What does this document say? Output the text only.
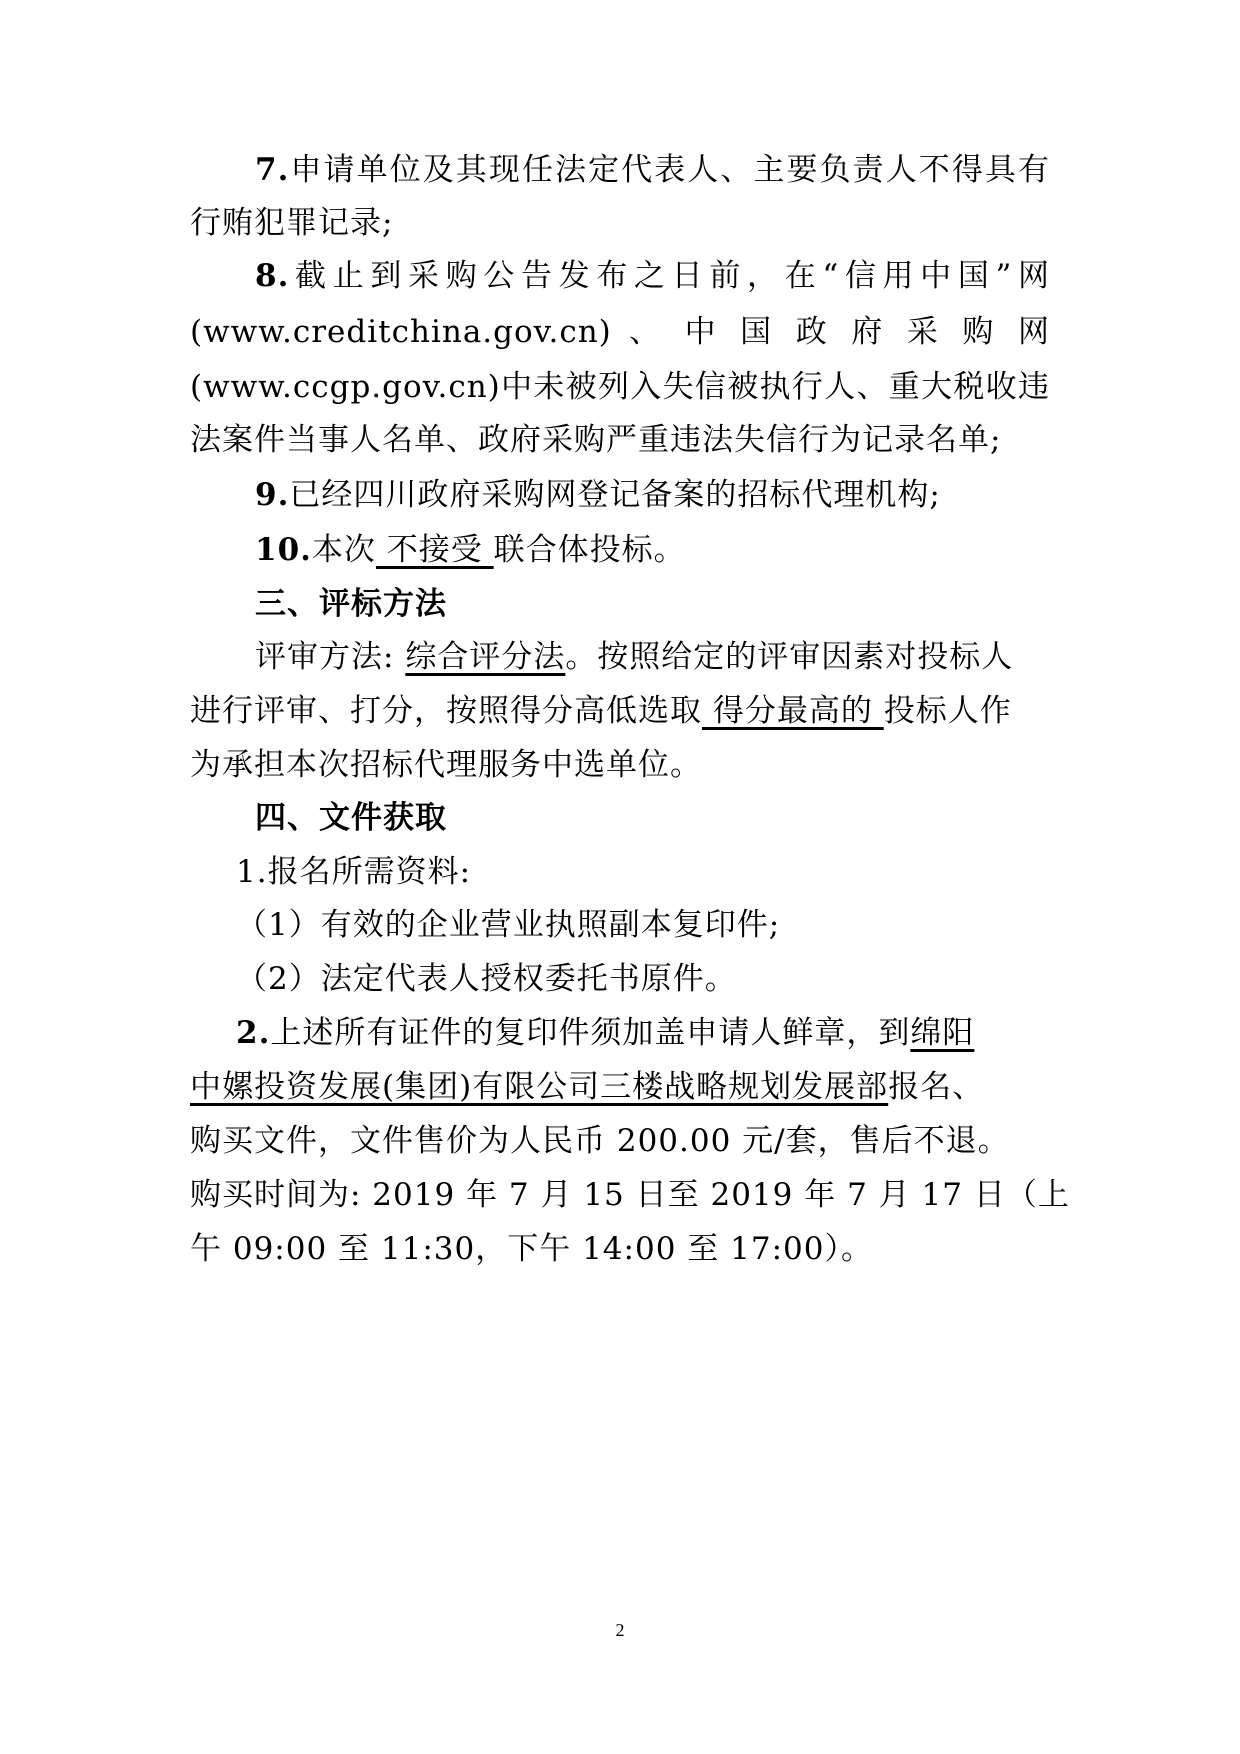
7.申请单位及其现任法定代表人、主要负责人不得具有
行贿犯罪记录;
8.截止到采购公告发布之日前，在“信用中国”网
(www.creditchina.gov.cn) 、 中 国 政 府 采 购 网
(www.ccgp.gov.cn)中未被列入失信被执行人、重大税收违
法案件当事人名单、政府采购严重违法失信行为记录名单;
9.已经四川政府采购网登记备案的招标代理机构;
10.本次 不接受 联合体投标。
三、评标方法
评审方法: 综合评分法。按照给定的评审因素对投标人
进行评审、打分，按照得分高低选取 得分最高的 投标人作
为承担本次招标代理服务中选单位。
四、文件获取
1.报名所需资料:
（1）有效的企业营业执照副本复印件;
（2）法定代表人授权委托书原件。
2.上述所有证件的复印件须加盖申请人鲜章，到绵阳
中嫘投资发展(集团)有限公司三楼战略规划发展部报名、
购买文件，文件售价为人民币 200.00 元/套，售后不退。
购买时间为: 2019 年 7 月 15 日至 2019 年 7 月 17 日（上
午 09:00 至 11:30，下午 14:00 至 17:00）。
2
